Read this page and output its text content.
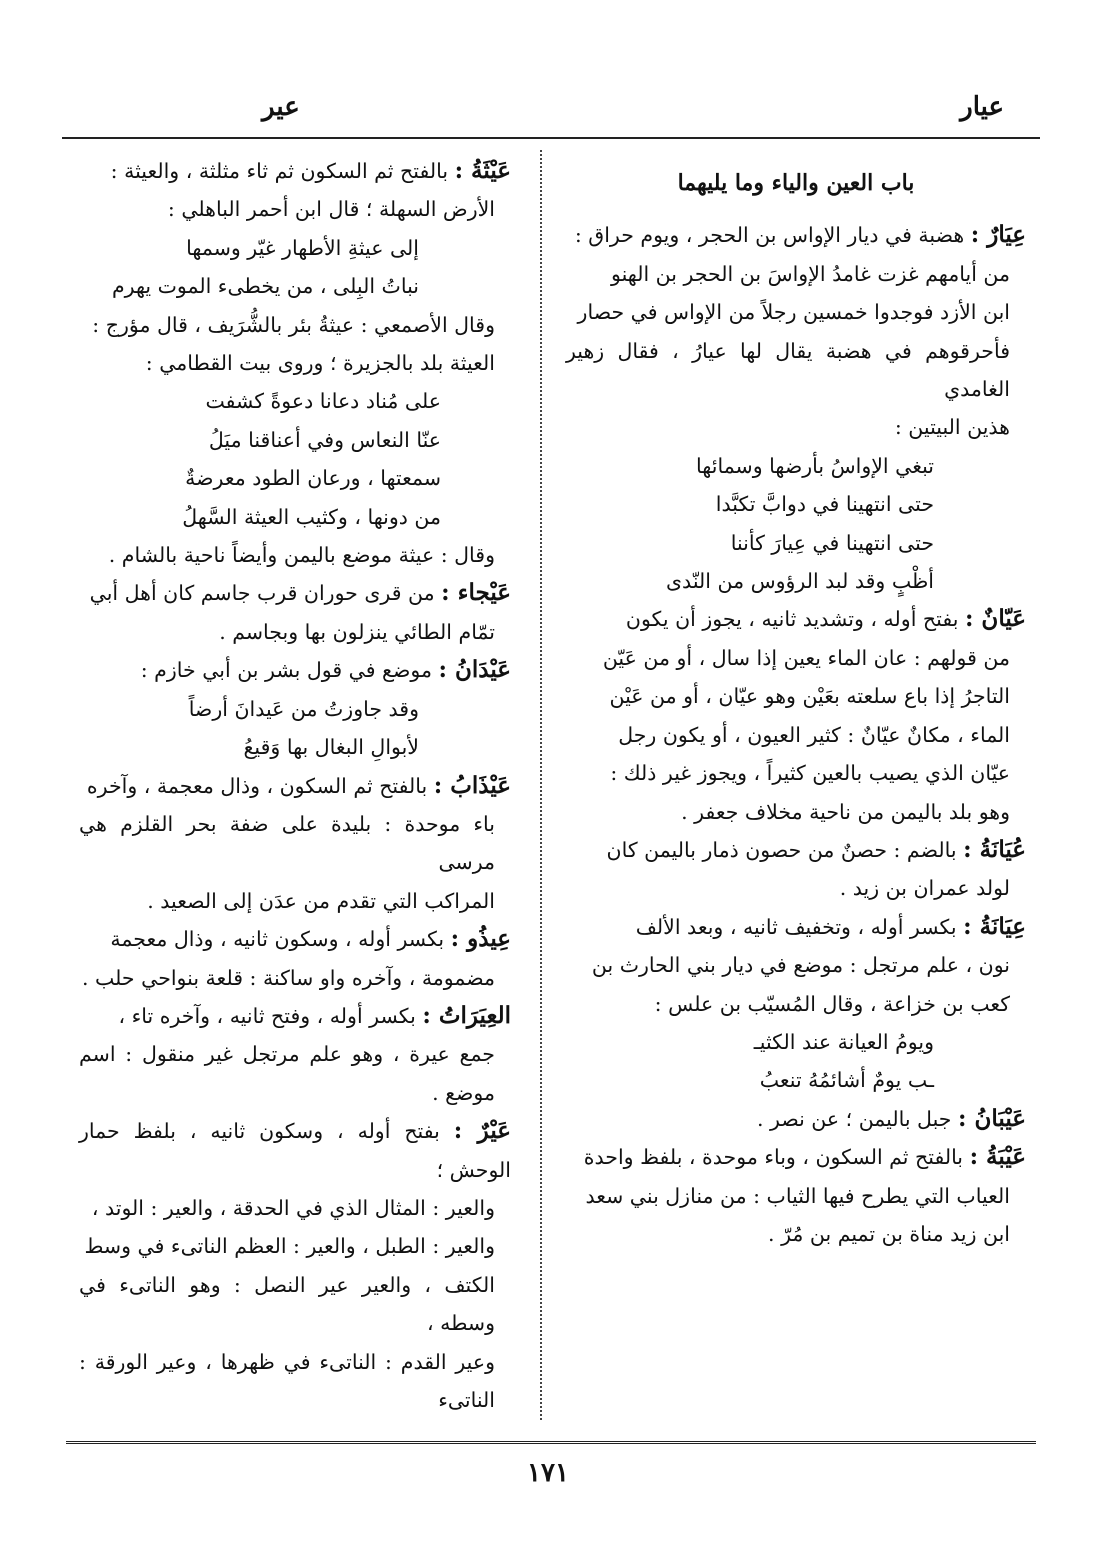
عيار
عير
باب العين والياء وما يليهما
عِيَارٌ : هضبة في ديار الإواس بن الحجر ، ويوم حراق :
من أيامهم غزت غامدُ الإواسَ بن الحجر بن الهنو
ابن الأزد فوجدوا خمسين رجلاً من الإواس في حصار
فأحرقوهم في هضبة يقال لها عيارُ ، فقال زهير الغامدي
هذين البيتين :
تبغي الإواسُ بأرضها وسمائها
حتى انتهينا في دوابَّ تكبَّدا
حتى انتهينا في عِيارَ كأننا
أظْبٍ وقد لبد الرؤوس من النّدى
عَيّانٌ : بفتح أوله ، وتشديد ثانيه ، يجوز أن يكون
من قولهم : عان الماء يعين إذا سال ، أو من عَيّن
التاجرُ إذا باع سلعته بعَيْن وهو عيّان ، أو من عَيْن
الماء ، مكانٌ عيّانٌ : كثير العيون ، أو يكون رجل
عيّان الذي يصيب بالعين كثيراً ، ويجوز غير ذلك :
وهو بلد باليمن من ناحية مخلاف جعفر .
عُيَانَةُ : بالضم : حصنٌ من حصون ذمار باليمن كان
لولد عمران بن زيد .
عِيَانَةُ : بكسر أوله ، وتخفيف ثانيه ، وبعد الألف
نون ، علم مرتجل : موضع في ديار بني الحارث بن
كعب بن خزاعة ، وقال المُسيّب بن علس :
ويومُ العيانة عند الكثيـ
ـب يومٌ أشائمُهُ تنعبُ
عَيْبَانُ : جبل باليمن ؛ عن نصر .
عَيْبَةُ : بالفتح ثم السكون ، وباء موحدة ، بلفظ واحدة
العياب التي يطرح فيها الثياب : من منازل بني سعد
ابن زيد مناة بن تميم بن مُرّ .
عَيْثَةُ : بالفتح ثم السكون ثم ثاء مثلثة ، والعيثة :
الأرض السهلة ؛ قال ابن أحمر الباهلي :
إلى عيثةِ الأطهار غيّر وسمها
نباتُ البِلى ، من يخطىء الموت يهرم
وقال الأصمعي : عيثةُ بئر بالشُّرَيف ، قال مؤرج :
العيثة بلد بالجزيرة ؛ وروى بيت القطامي :
على مُناد دعانا دعوةً كشفت
عنّا النعاس وفي أعناقنا ميَلُ
سمعتها ، ورعان الطود معرضةٌ
من دونها ، وكثيب العيثة السَّهلُ
وقال : عيثة موضع باليمن وأيضاً ناحية بالشام .
عَيْجاء : من قرى حوران قرب جاسم كان أهل أبي
تمّام الطائي ينزلون بها وبجاسم .
عَيْدَانُ : موضع في قول بشر بن أبي خازم :
وقد جاوزتُ من عَيدانَ أرضاً
لأبوالِ البغال بها وَقيعُ
عَيْذَابُ : بالفتح ثم السكون ، وذال معجمة ، وآخره
باء موحدة : بليدة على ضفة بحر القلزم هي مرسى
المراكب التي تقدم من عدَن إلى الصعيد .
عِيذُو : بكسر أوله ، وسكون ثانيه ، وذال معجمة
مضمومة ، وآخره واو ساكنة : قلعة بنواحي حلب .
العِيَرَاتُ : بكسر أوله ، وفتح ثانيه ، وآخره تاء ،
جمع عيرة ، وهو علم مرتجل غير منقول : اسم موضع .
عَيْرٌ : بفتح أوله ، وسكون ثانيه ، بلفظ حمار الوحش ؛
والعير : المثال الذي في الحدقة ، والعير : الوتد ،
والعير : الطبل ، والعير : العظم الناتىء في وسط
الكتف ، والعير عير النصل : وهو الناتىء في وسطه ،
وعير القدم : الناتىء في ظهرها ، وعير الورقة : الناتىء
١٧١
